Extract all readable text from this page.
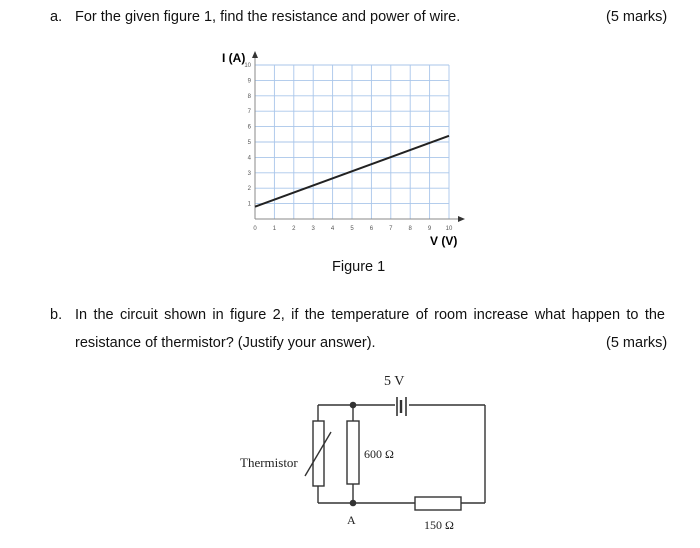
a. For the given figure 1, find the resistance and power of wire.	(5 marks)
0	1	2	3	4	5	6	7	8	9 10
1
2
3
4
5
6
7
8
9
10
I (A)
V (V)
Figure 1
b. In the circuit shown in figure 2, if the temperature of room increase what happen to the
resistance of thermistor? (Justify your answer).	(5 marks)
5 V
Thermistor
600 Ω
A	150 Ω
